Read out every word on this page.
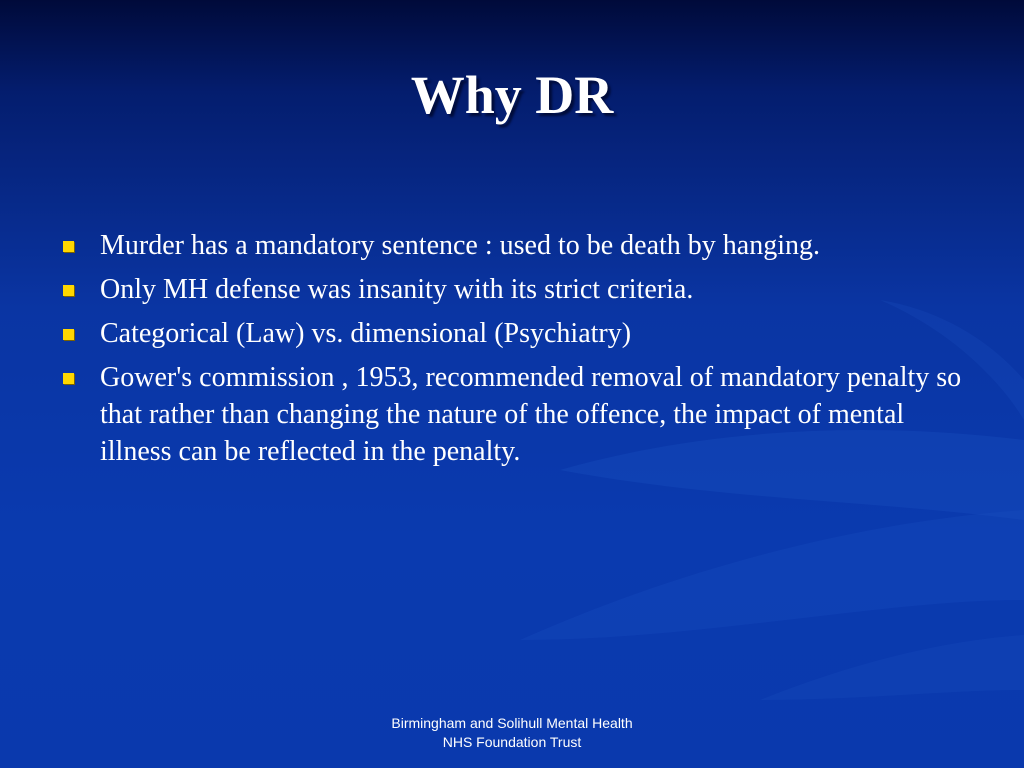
Why DR
Murder has a mandatory sentence : used to be death by hanging.
Only MH defense was insanity with its strict criteria.
Categorical (Law) vs. dimensional (Psychiatry)
Gower's commission , 1953, recommended removal of mandatory penalty so that rather than changing the nature of the offence, the impact of mental illness can be reflected in the penalty.
Birmingham and Solihull Mental Health
NHS Foundation Trust
